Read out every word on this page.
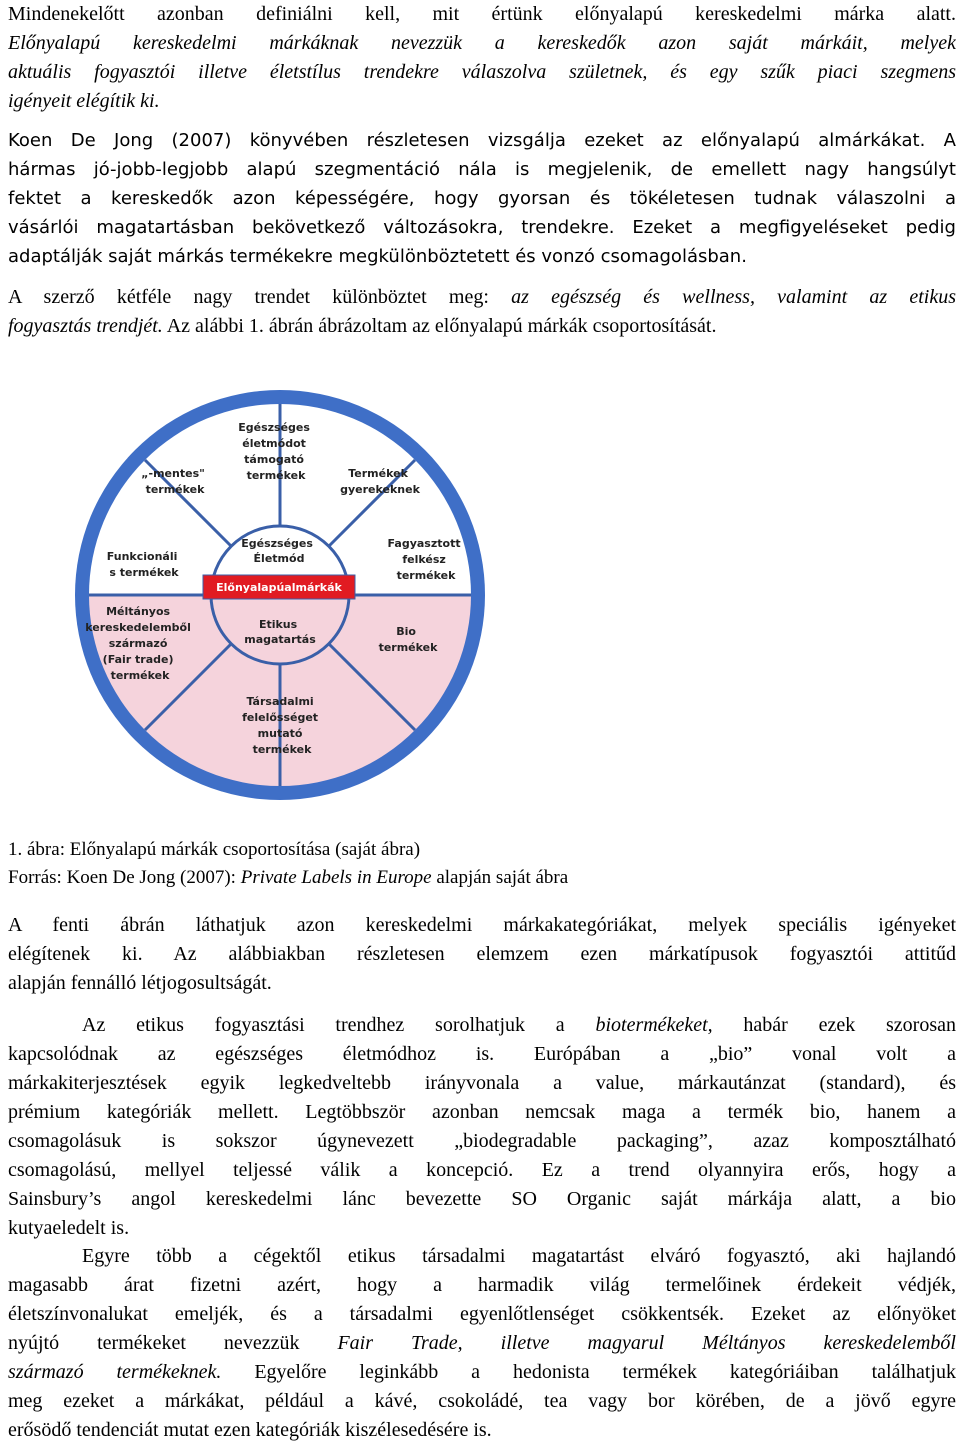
Mindenekelőtt azonban definiálni kell, mit értünk előnyalapú kereskedelmi márka alatt.
Előnyalapú kereskedelmi márkáknak nevezzük a kereskedők azon saját márkáit, melyek
aktuális fogyasztói illetve életstílus trendekre válaszolva születnek, és egy szűk piaci szegmens
igényeit elégítik ki.
Koen De Jong (2007) könyvében részletesen vizsgálja ezeket az előnyalapú almárkákat. A
hármas jó-jobb-legjobb alapú szegmentáció nála is megjelenik, de emellett nagy hangsúlyt
fektet a kereskedők azon képességére, hogy gyorsan és tökéletesen tudnak válaszolni a
vásárlói magatartásban bekövetkező változásokra, trendekre. Ezeket a megfigyeléseket pedig
adaptálják saját márkás termékekre megkülönböztetett és vonzó csomagolásban.
A szerző kétféle nagy trendet különböztet meg: az egészség és wellness, valamint az etikus
fogyasztás trendjét. Az alábbi 1. ábrán ábrázoltam az előnyalapú márkák csoportosítását.
Előnyalapúalmárkák
Egészséges Életmód
Etikus magatartás
Egészséges életmódot támogató termékek	Termékek gyerekeknek
Fagyasztott felkész termékek
Bio termékek
Társadalmi felelősséget mutató termékek
Méltányos kereskedelemből származó (Fair trade) termékek
Funkcionáli s termékek
„-mentes" termékek
1. ábra: Előnyalapú márkák csoportosítása (saját ábra)
Forrás: Koen De Jong (2007): Private Labels in Europe alapján saját ábra
A fenti ábrán láthatjuk azon kereskedelmi márkakategóriákat, melyek speciális igényeket
elégítenek ki. Az alábbiakban részletesen elemzem ezen márkatípusok fogyasztói attitűd
alapján fennálló létjogosultságát.
Az etikus fogyasztási trendhez sorolhatjuk a biotermékeket, habár ezek szorosan
kapcsolódnak az egészséges életmódhoz is. Európában a „bio” vonal volt a
márkakiterjesztések egyik legkedveltebb irányvonala a value, márkautánzat (standard), és
prémium kategóriák mellett. Legtöbbször azonban nemcsak maga a termék bio, hanem a
csomagolásuk is sokszor úgynevezett „biodegradable packaging”, azaz komposztálható
csomagolású, mellyel teljessé válik a koncepció. Ez a trend olyannyira erős, hogy a
Sainsbury’s angol kereskedelmi lánc bevezette SO Organic saját márkája alatt, a bio
kutyaeledelt is.
Egyre több a cégektől etikus társadalmi magatartást elváró fogyasztó, aki hajlandó
magasabb árat fizetni azért, hogy a harmadik világ termelőinek érdekeit védjék,
életszínvonalukat emeljék, és a társadalmi egyenlőtlenséget csökkentsék. Ezeket az előnyöket
nyújtó termékeket nevezzük Fair Trade, illetve magyarul Méltányos kereskedelemből
származó termékeknek. Egyelőre leginkább a hedonista termékek kategóriáiban találhatjuk
meg ezeket a márkákat, például a kávé, csokoládé, tea vagy bor körében, de a jövő egyre
erősödő tendenciát mutat ezen kategóriák kiszélesedésére is.
